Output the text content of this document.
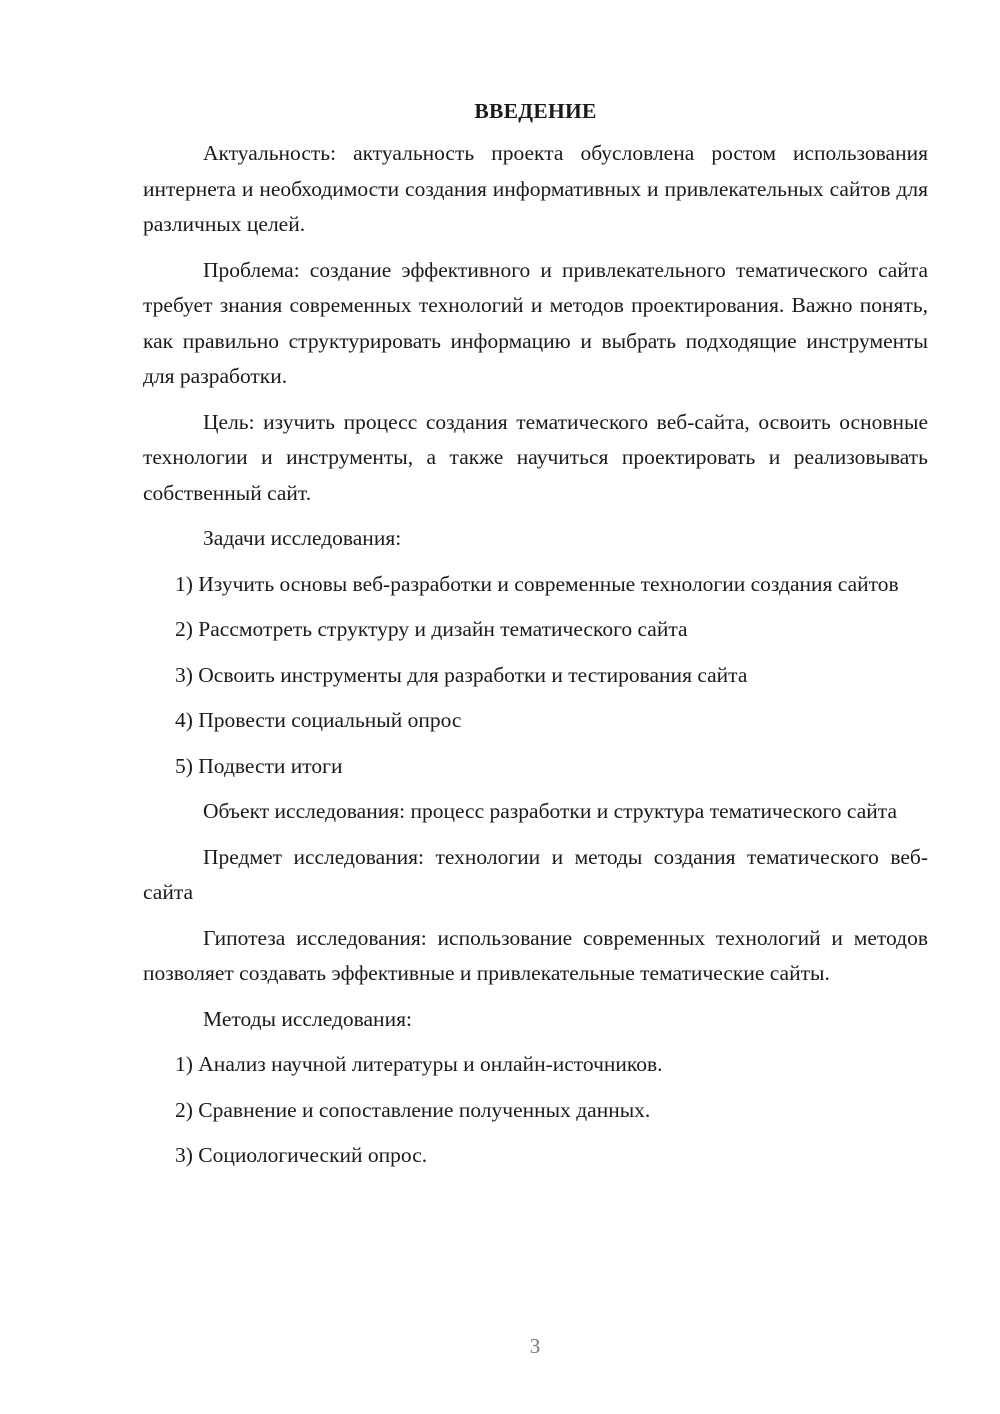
ВВЕДЕНИЕ

Актуальность: актуальность проекта обусловлена ростом использования интернета и необходимости создания информативных и привлекательных сайтов для различных целей.

Проблема: создание эффективного и привлекательного тематического сайта требует знания современных технологий и методов проектирования. Важно понять, как правильно структурировать информацию и выбрать подходящие инструменты для разработки.

Цель: изучить процесс создания тематического веб-сайта, освоить основные технологии и инструменты, а также научиться проектировать и реализовывать собственный сайт.

Задачи исследования:

1) Изучить основы веб-разработки и современные технологии создания сайтов

2) Рассмотреть структуру и дизайн тематического сайта

3) Освоить инструменты для разработки и тестирования сайта

4) Провести социальный опрос

5) Подвести итоги

Объект исследования: процесс разработки и структура тематического сайта

Предмет исследования: технологии и методы создания тематического веб-сайта

Гипотеза исследования: использование современных технологий и методов позволяет создавать эффективные и привлекательные тематические сайты.

Методы исследования:

1) Анализ научной литературы и онлайн-источников.

2) Сравнение и сопоставление полученных данных.

3) Социологический опрос.

3
